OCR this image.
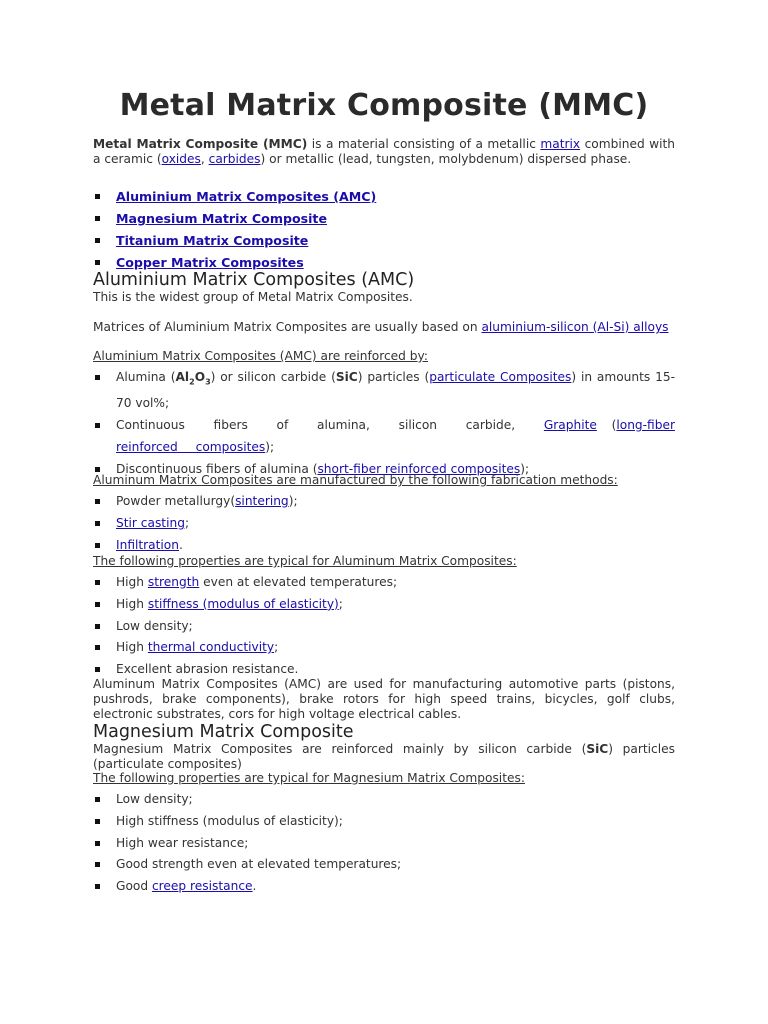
Metal Matrix Composite (MMC)
Metal Matrix Composite (MMC) is a material consisting of a metallic matrix combined with a ceramic (oxides, carbides) or metallic (lead, tungsten, molybdenum) dispersed phase.
Aluminium Matrix Composites (AMC)
Magnesium Matrix Composite
Titanium Matrix Composite
Copper Matrix Composites
Aluminium Matrix Composites (AMC)
This is the widest group of Metal Matrix Composites.
Matrices of Aluminium Matrix Composites are usually based on aluminium-silicon (Al-Si) alloys
Aluminium Matrix Composites (AMC) are reinforced by:
Alumina $(Al_2O_3)$ or silicon carbide (SiC) particles (particulate Composites) in amounts 15-70 vol%;
Continuous fibers of alumina, silicon carbide, Graphite (long-fiber reinforced composites);
Discontinuous fibers of alumina (short-fiber reinforced composites);
Aluminum Matrix Composites are manufactured by the following fabrication methods:
Powder metallurgy(sintering);
Stir casting;
Infiltration.
The following properties are typical for Aluminum Matrix Composites:
High strength even at elevated temperatures;
High stiffness (modulus of elasticity);
Low density;
High thermal conductivity;
Excellent abrasion resistance.
Aluminum Matrix Composites (AMC) are used for manufacturing automotive parts (pistons, pushrods, brake components), brake rotors for high speed trains, bicycles, golf clubs, electronic substrates, cors for high voltage electrical cables.
Magnesium Matrix Composite
Magnesium Matrix Composites are reinforced mainly by silicon carbide (SiC) particles (particulate composites)
The following properties are typical for Magnesium Matrix Composites:
Low density;
High stiffness (modulus of elasticity);
High wear resistance;
Good strength even at elevated temperatures;
Good creep resistance.
